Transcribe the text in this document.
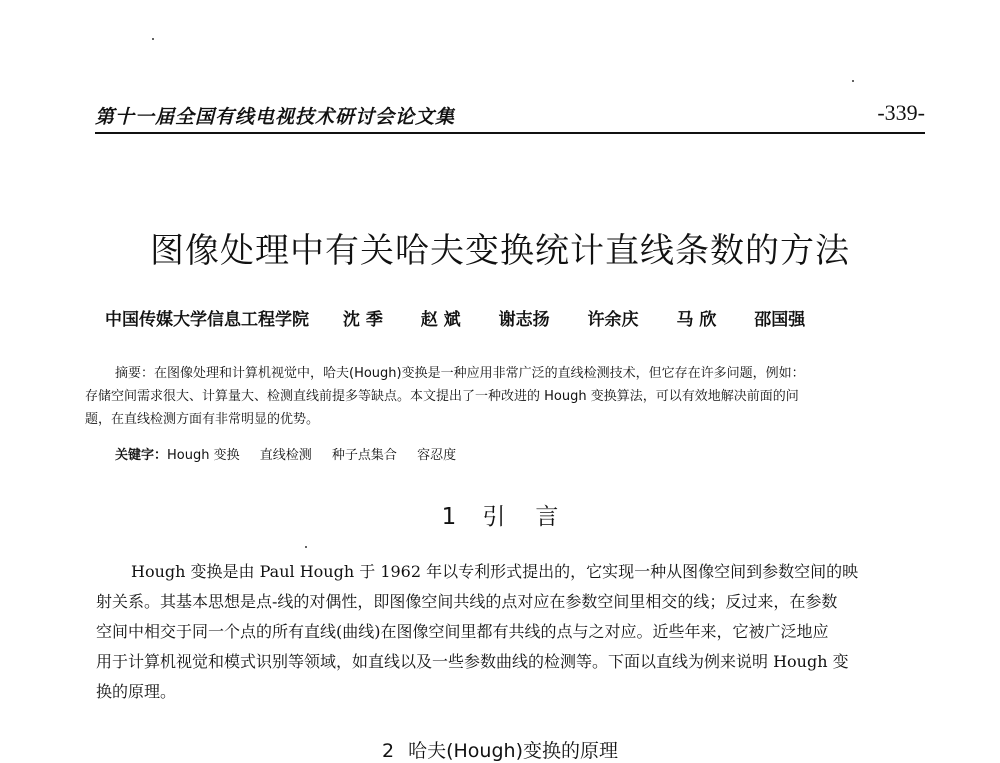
第十一届全国有线电视技术研讨会论文集	-339-
图像处理中有关哈夫变换统计直线条数的方法
中国传媒大学信息工程学院 沈 季 赵 斌 谢志扬 许余庆 马 欣 邵国强
摘要：在图像处理和计算机视觉中，哈夫(Hough)变换是一种应用非常广泛的直线检测技术，但它存在许多问题，例如：
存储空间需求很大、计算量大、检测直线前提多等缺点。本文提出了一种改进的 Hough 变换算法，可以有效地解决前面的问
题，在直线检测方面有非常明显的优势。
关键字：Hough 变换 直线检测 种子点集合 容忍度
1 引 言
Hough 变换是由 Paul Hough 于 1962 年以专利形式提出的，它实现一种从图像空间到参数空间的映
射关系。其基本思想是点-线的对偶性，即图像空间共线的点对应在参数空间里相交的线；反过来，在参数
空间中相交于同一个点的所有直线(曲线)在图像空间里都有共线的点与之对应。近些年来，它被广泛地应
用于计算机视觉和模式识别等领域，如直线以及一些参数曲线的检测等。下面以直线为例来说明 Hough 变
换的原理。
2 哈夫(Hough)变换的原理
